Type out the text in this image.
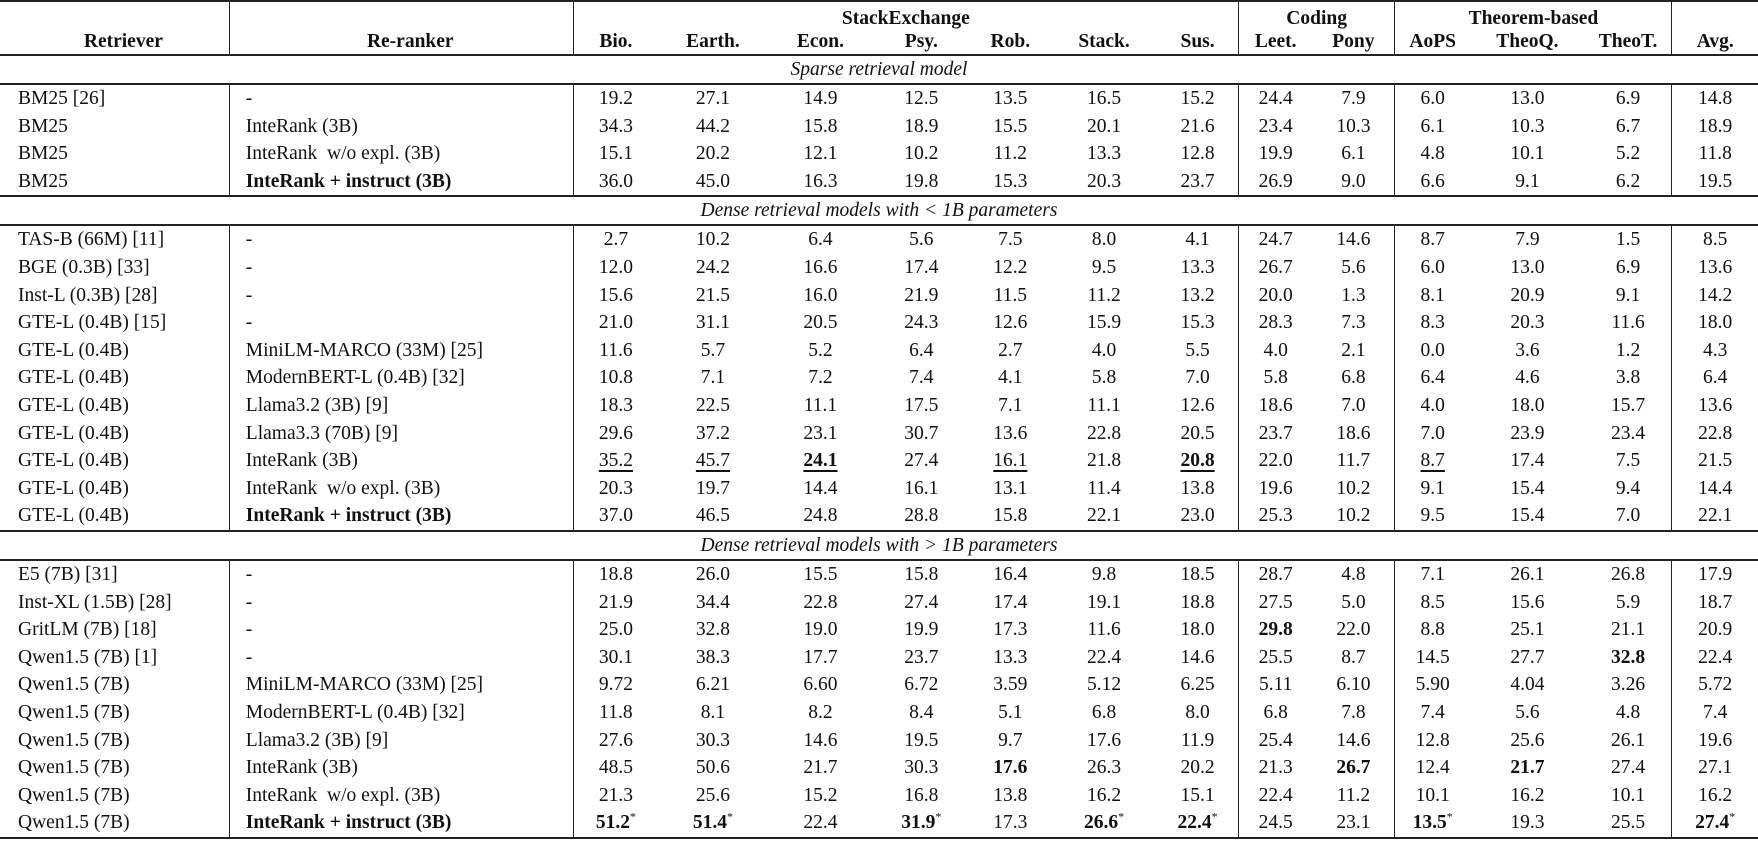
		StackExchange							Coding		Theorem-based			
Retriever	Re-ranker	Bio.	Earth.	Econ.	Psy.	Rob.	Stack.	Sus.	Leet.	Pony	AoPS	TheoQ.	TheoT.	Avg.
Sparse retrieval model														
BM25 [26]	-	19.2	27.1	14.9	12.5	13.5	16.5	15.2	24.4	7.9	6.0	13.0	6.9	14.8
BM25	InteRank (3B)	34.3	44.2	15.8	18.9	15.5	20.1	21.6	23.4	10.3	6.1	10.3	6.7	18.9
BM25	InteRank  w/o expl. (3B)	15.1	20.2	12.1	10.2	11.2	13.3	12.8	19.9	6.1	4.8	10.1	5.2	11.8
BM25	InteRank + instruct (3B)	36.0	45.0	16.3	19.8	15.3	20.3	23.7	26.9	9.0	6.6	9.1	6.2	19.5
Dense retrieval models with < 1B parameters														
TAS-B (66M) [11]	-	2.7	10.2	6.4	5.6	7.5	8.0	4.1	24.7	14.6	8.7	7.9	1.5	8.5
BGE (0.3B) [33]	-	12.0	24.2	16.6	17.4	12.2	9.5	13.3	26.7	5.6	6.0	13.0	6.9	13.6
Inst-L (0.3B) [28]	-	15.6	21.5	16.0	21.9	11.5	11.2	13.2	20.0	1.3	8.1	20.9	9.1	14.2
GTE-L (0.4B) [15]	-	21.0	31.1	20.5	24.3	12.6	15.9	15.3	28.3	7.3	8.3	20.3	11.6	18.0
GTE-L (0.4B)	MiniLM-MARCO (33M) [25]	11.6	5.7	5.2	6.4	2.7	4.0	5.5	4.0	2.1	0.0	3.6	1.2	4.3
GTE-L (0.4B)	ModernBERT-L (0.4B) [32]	10.8	7.1	7.2	7.4	4.1	5.8	7.0	5.8	6.8	6.4	4.6	3.8	6.4
GTE-L (0.4B)	Llama3.2 (3B) [9]	18.3	22.5	11.1	17.5	7.1	11.1	12.6	18.6	7.0	4.0	18.0	15.7	13.6
GTE-L (0.4B)	Llama3.3 (70B) [9]	29.6	37.2	23.1	30.7	13.6	22.8	20.5	23.7	18.6	7.0	23.9	23.4	22.8
GTE-L (0.4B)	InteRank (3B)	35.2	45.7	24.1	27.4	16.1	21.8	20.8	22.0	11.7	8.7	17.4	7.5	21.5
GTE-L (0.4B)	InteRank  w/o expl. (3B)	20.3	19.7	14.4	16.1	13.1	11.4	13.8	19.6	10.2	9.1	15.4	9.4	14.4
GTE-L (0.4B)	InteRank + instruct (3B)	37.0	46.5	24.8	28.8	15.8	22.1	23.0	25.3	10.2	9.5	15.4	7.0	22.1
Dense retrieval models with > 1B parameters														
E5 (7B) [31]	-	18.8	26.0	15.5	15.8	16.4	9.8	18.5	28.7	4.8	7.1	26.1	26.8	17.9
Inst-XL (1.5B) [28]	-	21.9	34.4	22.8	27.4	17.4	19.1	18.8	27.5	5.0	8.5	15.6	5.9	18.7
GritLM (7B) [18]	-	25.0	32.8	19.0	19.9	17.3	11.6	18.0	29.8	22.0	8.8	25.1	21.1	20.9
Qwen1.5 (7B) [1]	-	30.1	38.3	17.7	23.7	13.3	22.4	14.6	25.5	8.7	14.5	27.7	32.8	22.4
Qwen1.5 (7B)	MiniLM-MARCO (33M) [25]	9.72	6.21	6.60	6.72	3.59	5.12	6.25	5.11	6.10	5.90	4.04	3.26	5.72
Qwen1.5 (7B)	ModernBERT-L (0.4B) [32]	11.8	8.1	8.2	8.4	5.1	6.8	8.0	6.8	7.8	7.4	5.6	4.8	7.4
Qwen1.5 (7B)	Llama3.2 (3B) [9]	27.6	30.3	14.6	19.5	9.7	17.6	11.9	25.4	14.6	12.8	25.6	26.1	19.6
Qwen1.5 (7B)	InteRank (3B)	48.5	50.6	21.7	30.3	17.6	26.3	20.2	21.3	26.7	12.4	21.7	27.4	27.1
Qwen1.5 (7B)	InteRank  w/o expl. (3B)	21.3	25.6	15.2	16.8	13.8	16.2	15.1	22.4	11.2	10.1	16.2	10.1	16.2
Qwen1.5 (7B)	InteRank + instruct (3B)	51.2*	51.4*	22.4	31.9*	17.3	26.6*	22.4*	24.5	23.1	13.5*	19.3	25.5	27.4*
